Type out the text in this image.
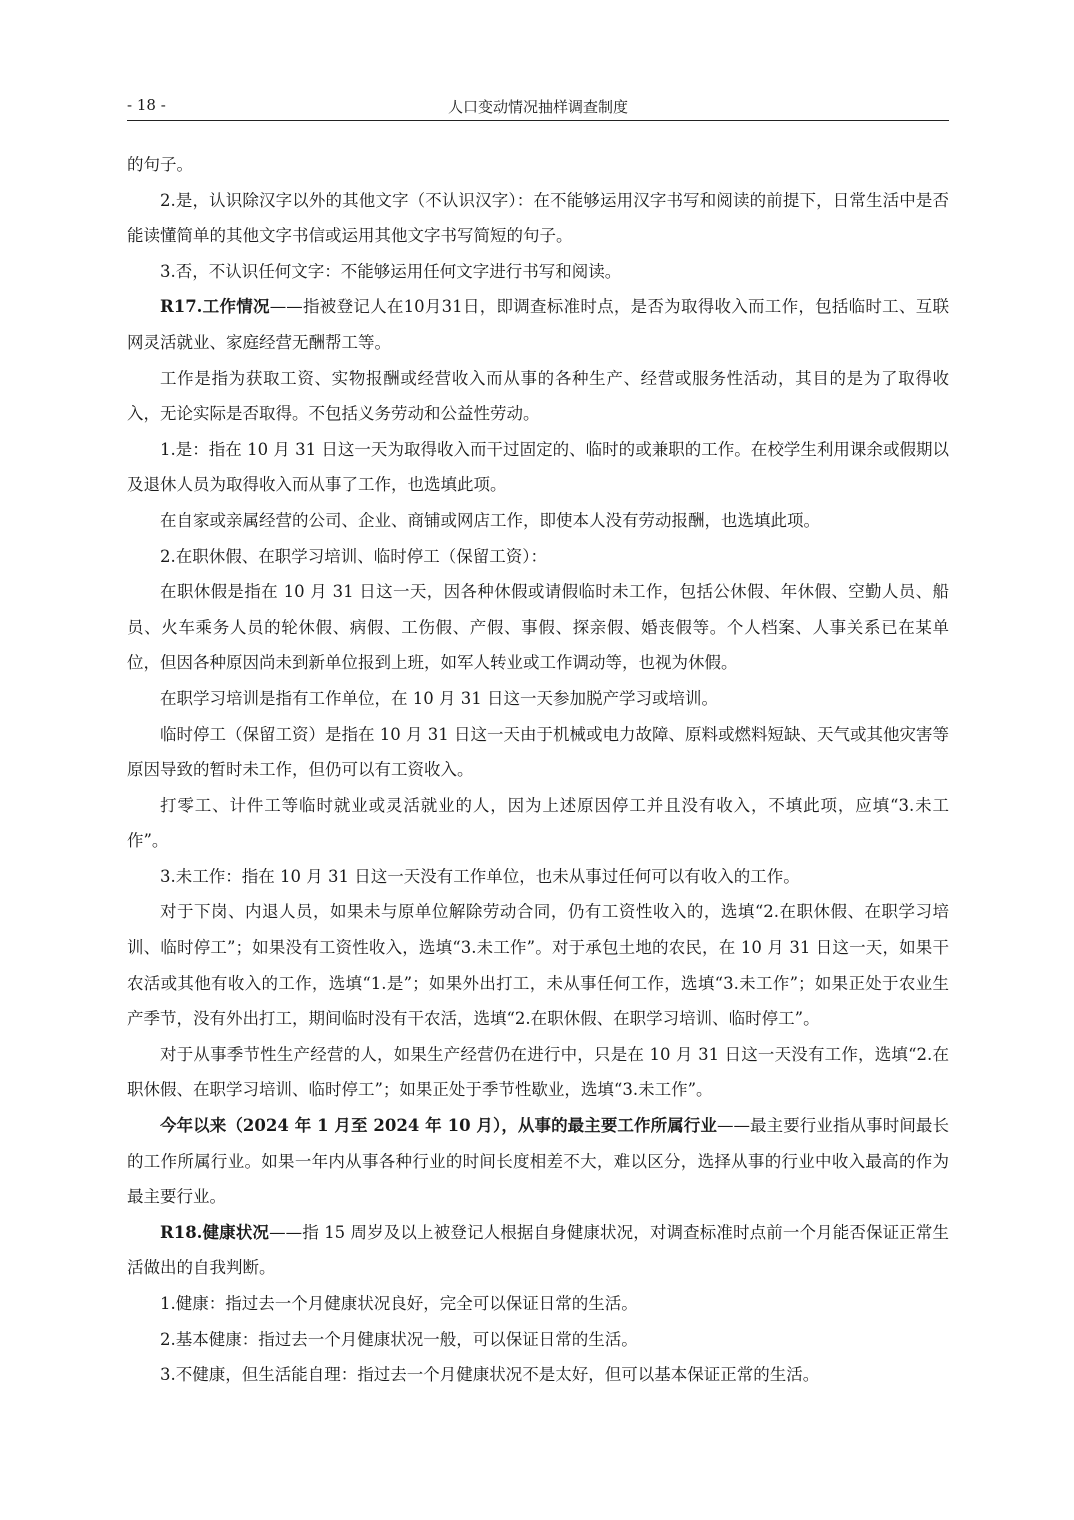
- 18 -	人口变动情况抽样调查制度

的句子。

2.是，认识除汉字以外的其他文字（不认识汉字）：在不能够运用汉字书写和阅读的前提下，日常生活中是否能读懂简单的其他文字书信或运用其他文字书写简短的句子。

3.否，不认识任何文字：不能够运用任何文字进行书写和阅读。

R17.工作情况——指被登记人在10月31日，即调查标准时点，是否为取得收入而工作，包括临时工、互联网灵活就业、家庭经营无酬帮工等。

工作是指为获取工资、实物报酬或经营收入而从事的各种生产、经营或服务性活动，其目的是为了取得收入，无论实际是否取得。不包括义务劳动和公益性劳动。

1.是：指在 10 月 31 日这一天为取得收入而干过固定的、临时的或兼职的工作。在校学生利用课余或假期以及退休人员为取得收入而从事了工作，也选填此项。

在自家或亲属经营的公司、企业、商铺或网店工作，即使本人没有劳动报酬，也选填此项。

2.在职休假、在职学习培训、临时停工（保留工资）：

在职休假是指在 10 月 31 日这一天，因各种休假或请假临时未工作，包括公休假、年休假、空勤人员、船员、火车乘务人员的轮休假、病假、工伤假、产假、事假、探亲假、婚丧假等。个人档案、人事关系已在某单位，但因各种原因尚未到新单位报到上班，如军人转业或工作调动等，也视为休假。

在职学习培训是指有工作单位，在 10 月 31 日这一天参加脱产学习或培训。

临时停工（保留工资）是指在 10 月 31 日这一天由于机械或电力故障、原料或燃料短缺、天气或其他灾害等原因导致的暂时未工作，但仍可以有工资收入。

打零工、计件工等临时就业或灵活就业的人，因为上述原因停工并且没有收入，不填此项，应填“3.未工作”。

3.未工作：指在 10 月 31 日这一天没有工作单位，也未从事过任何可以有收入的工作。

对于下岗、内退人员，如果未与原单位解除劳动合同，仍有工资性收入的，选填“2.在职休假、在职学习培训、临时停工”；如果没有工资性收入，选填“3.未工作”。对于承包土地的农民，在 10 月 31 日这一天，如果干农活或其他有收入的工作，选填“1.是”；如果外出打工，未从事任何工作，选填“3.未工作”；如果正处于农业生产季节，没有外出打工，期间临时没有干农活，选填“2.在职休假、在职学习培训、临时停工”。

对于从事季节性生产经营的人，如果生产经营仍在进行中，只是在 10 月 31 日这一天没有工作，选填“2.在职休假、在职学习培训、临时停工”；如果正处于季节性歇业，选填“3.未工作”。

今年以来（2024 年 1 月至 2024 年 10 月），从事的最主要工作所属行业——最主要行业指从事时间最长的工作所属行业。如果一年内从事各种行业的时间长度相差不大，难以区分，选择从事的行业中收入最高的作为最主要行业。

R18.健康状况——指 15 周岁及以上被登记人根据自身健康状况，对调查标准时点前一个月能否保证正常生活做出的自我判断。

1.健康：指过去一个月健康状况良好，完全可以保证日常的生活。

2.基本健康：指过去一个月健康状况一般，可以保证日常的生活。

3.不健康，但生活能自理：指过去一个月健康状况不是太好，但可以基本保证正常的生活。
